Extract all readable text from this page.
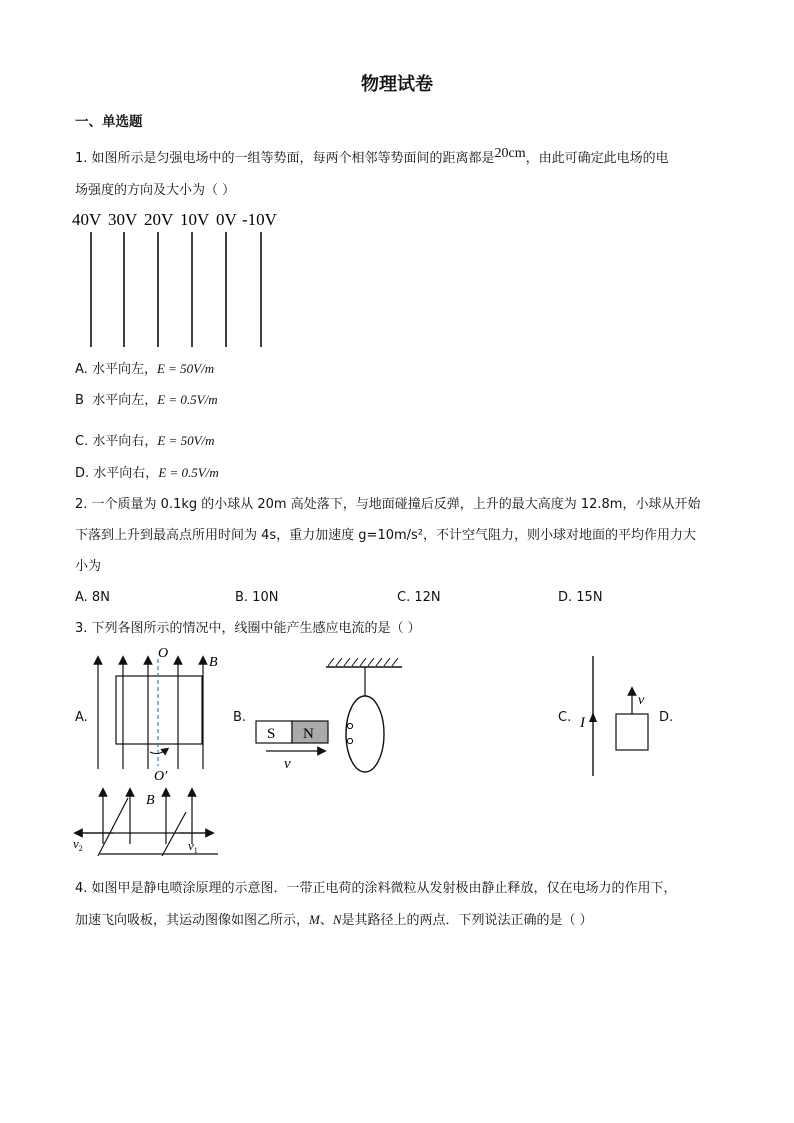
物理试卷
一、单选题
1. 如图所示是匀强电场中的一组等势面，每两个相邻等势面间的距离都是20cm，由此可确定此电场的电
场强度的方向及大小为（ ）
40V 30V 20V 10V 0V -10V
A. 水平向左，E = 50V/m
B 水平向左，E = 0.5V/m
C. 水平向右，E = 50V/m
D. 水平向右，E = 0.5V/m
2. 一个质量为 0.1kg 的小球从 20m 高处落下，与地面碰撞后反弹，上升的最大高度为 12.8m，小球从开始
下落到上升到最高点所用时间为 4s，重力加速度 g=10m/s²，不计空气阻力，则小球对地面的平均作用力大
小为
A. 8N	B. 10N	C. 12N	D. 15N
3. 下列各图所示的情况中，线圈中能产生感应电流的是（ ）
A.
O
O′
B
B.
S N
v
C. I
v
D.
B
$v_2$	$v_1$
4. 如图甲是静电喷涂原理的示意图．一带正电荷的涂料微粒从发射极由静止释放，仅在电场力的作用下，
加速飞向吸板，其运动图像如图乙所示，M、N是其路径上的两点．下列说法正确的是（ ）
